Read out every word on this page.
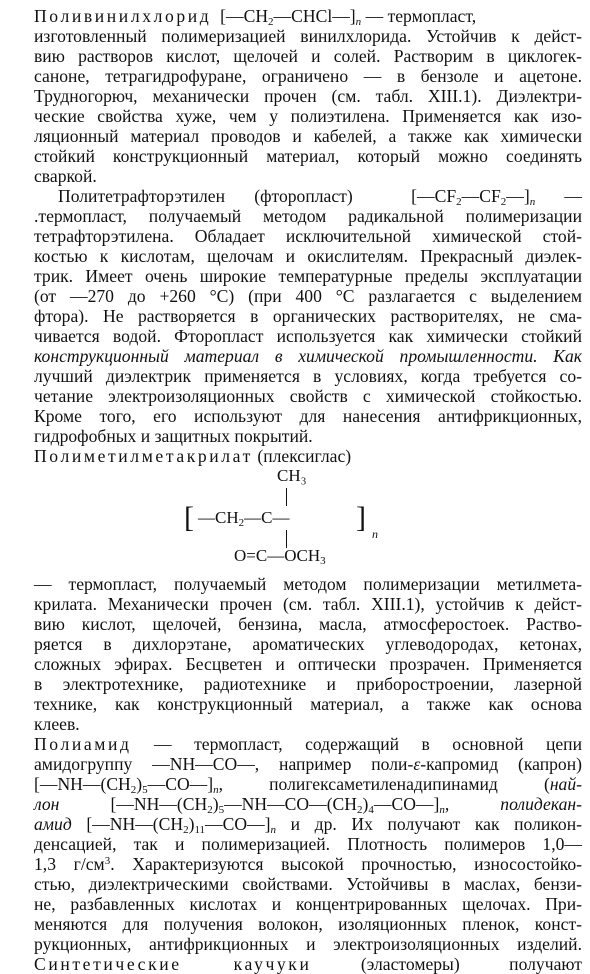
Поливинилхлорид  $[—CH_2—CHCl—]_n$ — термопласт,
изготовленный полимеризацией винилхлорида. Устойчив к дейст-
вию растворов кислот, щелочей и солей. Растворим в циклогек-
саноне, тетрагидрофуране, ограничено — в бензоле и ацетоне.
Трудногорюч, механически прочен (см. табл. XIII.1). Диэлектри-
ческие свойства хуже, чем у полиэтилена. Применяется как изо-
ляционный материал проводов и кабелей, а также как химически
стойкий конструкционный материал, который можно соединять
сваркой.
Политетрафторэтилен (фторопласт)  $[—CF_2—CF_2—]_n$ —
.термопласт, получаемый методом радикальной полимеризации
тетрафторэтилена. Обладает исключительной химической стой-
костью к кислотам, щелочам и окислителям. Прекрасный диэлек-
трик. Имеет очень широкие температурные пределы эксплуатации
(от —270 до +260 °C) (при 400 °C разлагается с выделением
фтора). Не растворяется в органических растворителях, не сма-
чивается водой. Фторопласт используется как химически стойкий
конструкционный материал в химической промышленности. Как
лучший диэлектрик применяется в условиях, когда требуется со-
четание электроизоляционных свойств с химической стойкостью.
Кроме того, его используют для нанесения антифрикционных,
гидрофобных и защитных покрытий.
Полиметилметакрилат (плексиглас)
CH₃
[ $—CH_2—C—$ ] n
$O=C—OCH_3$
— термопласт, получаемый методом полимеризации метилмета-
крилата. Механически прочен (см. табл. XIII.1), устойчив к дейст-
вию кислот, щелочей, бензина, масла, атмосферостоек. Раство-
ряется в дихлорэтане, ароматических углеводородах, кетонах,
сложных эфирах. Бесцветен и оптически прозрачен. Применяется
в электротехнике, радиотехнике и приборостроении, лазерной
технике, как конструкционный материал, а также как основа
клеев.
Полиамид — термопласт, содержащий в основной цепи
амидогруппу —NH—CO—, например поли-ε-капромид (капрон)
$[—NH—(CH_2)_5—CO—]_n$,  полигексаметиленадипинамид  (най-
лон $[—NH—(CH_2)_5—NH—CO—(CH_2)_4—CO—]_n$, полидекан-
амид $[—NH—(CH_2)_{11}—CO—]_n$ и др. Их получают как поликон-
денсацией, так и полимеризацией. Плотность полимеров 1,0—
1,3 $г/см^3$. Характеризуются высокой прочностью, износостойко-
стью, диэлектрическими свойствами. Устойчивы в маслах, бензи-
не, разбавленных кислотах и концентрированных щелочах. При-
меняются для получения волокон, изоляционных пленок, конст-
рукционных, антифрикционных и электроизоляционных изделий.
Синтетические каучуки (эластомеры) получают
